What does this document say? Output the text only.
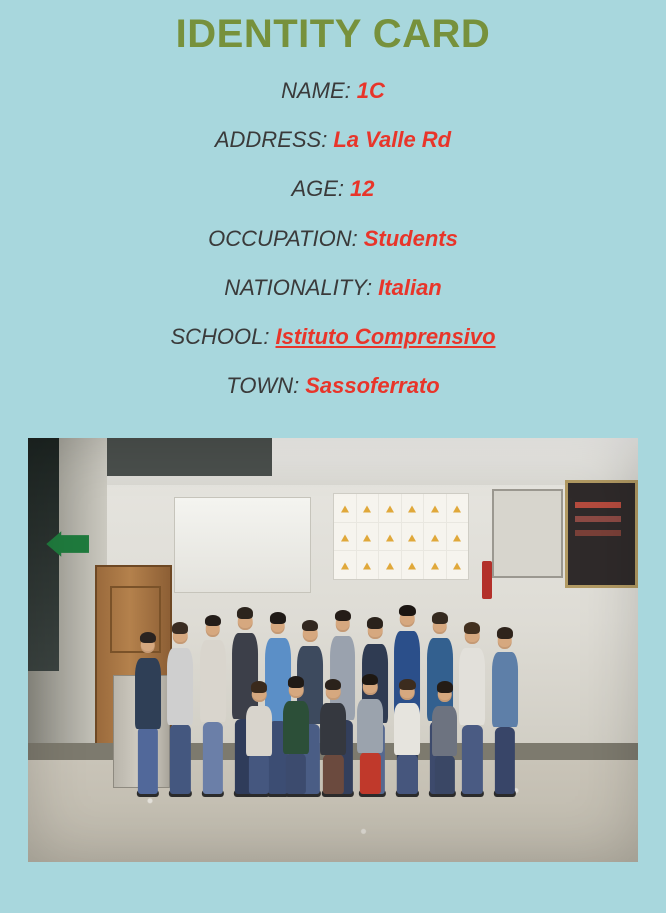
IDENTITY CARD

NAME: 1C

ADDRESS: La Valle Rd

AGE: 12

OCCUPATION: Students

NATIONALITY: Italian

SCHOOL: Istituto Comprensivo

TOWN: Sassoferrato
